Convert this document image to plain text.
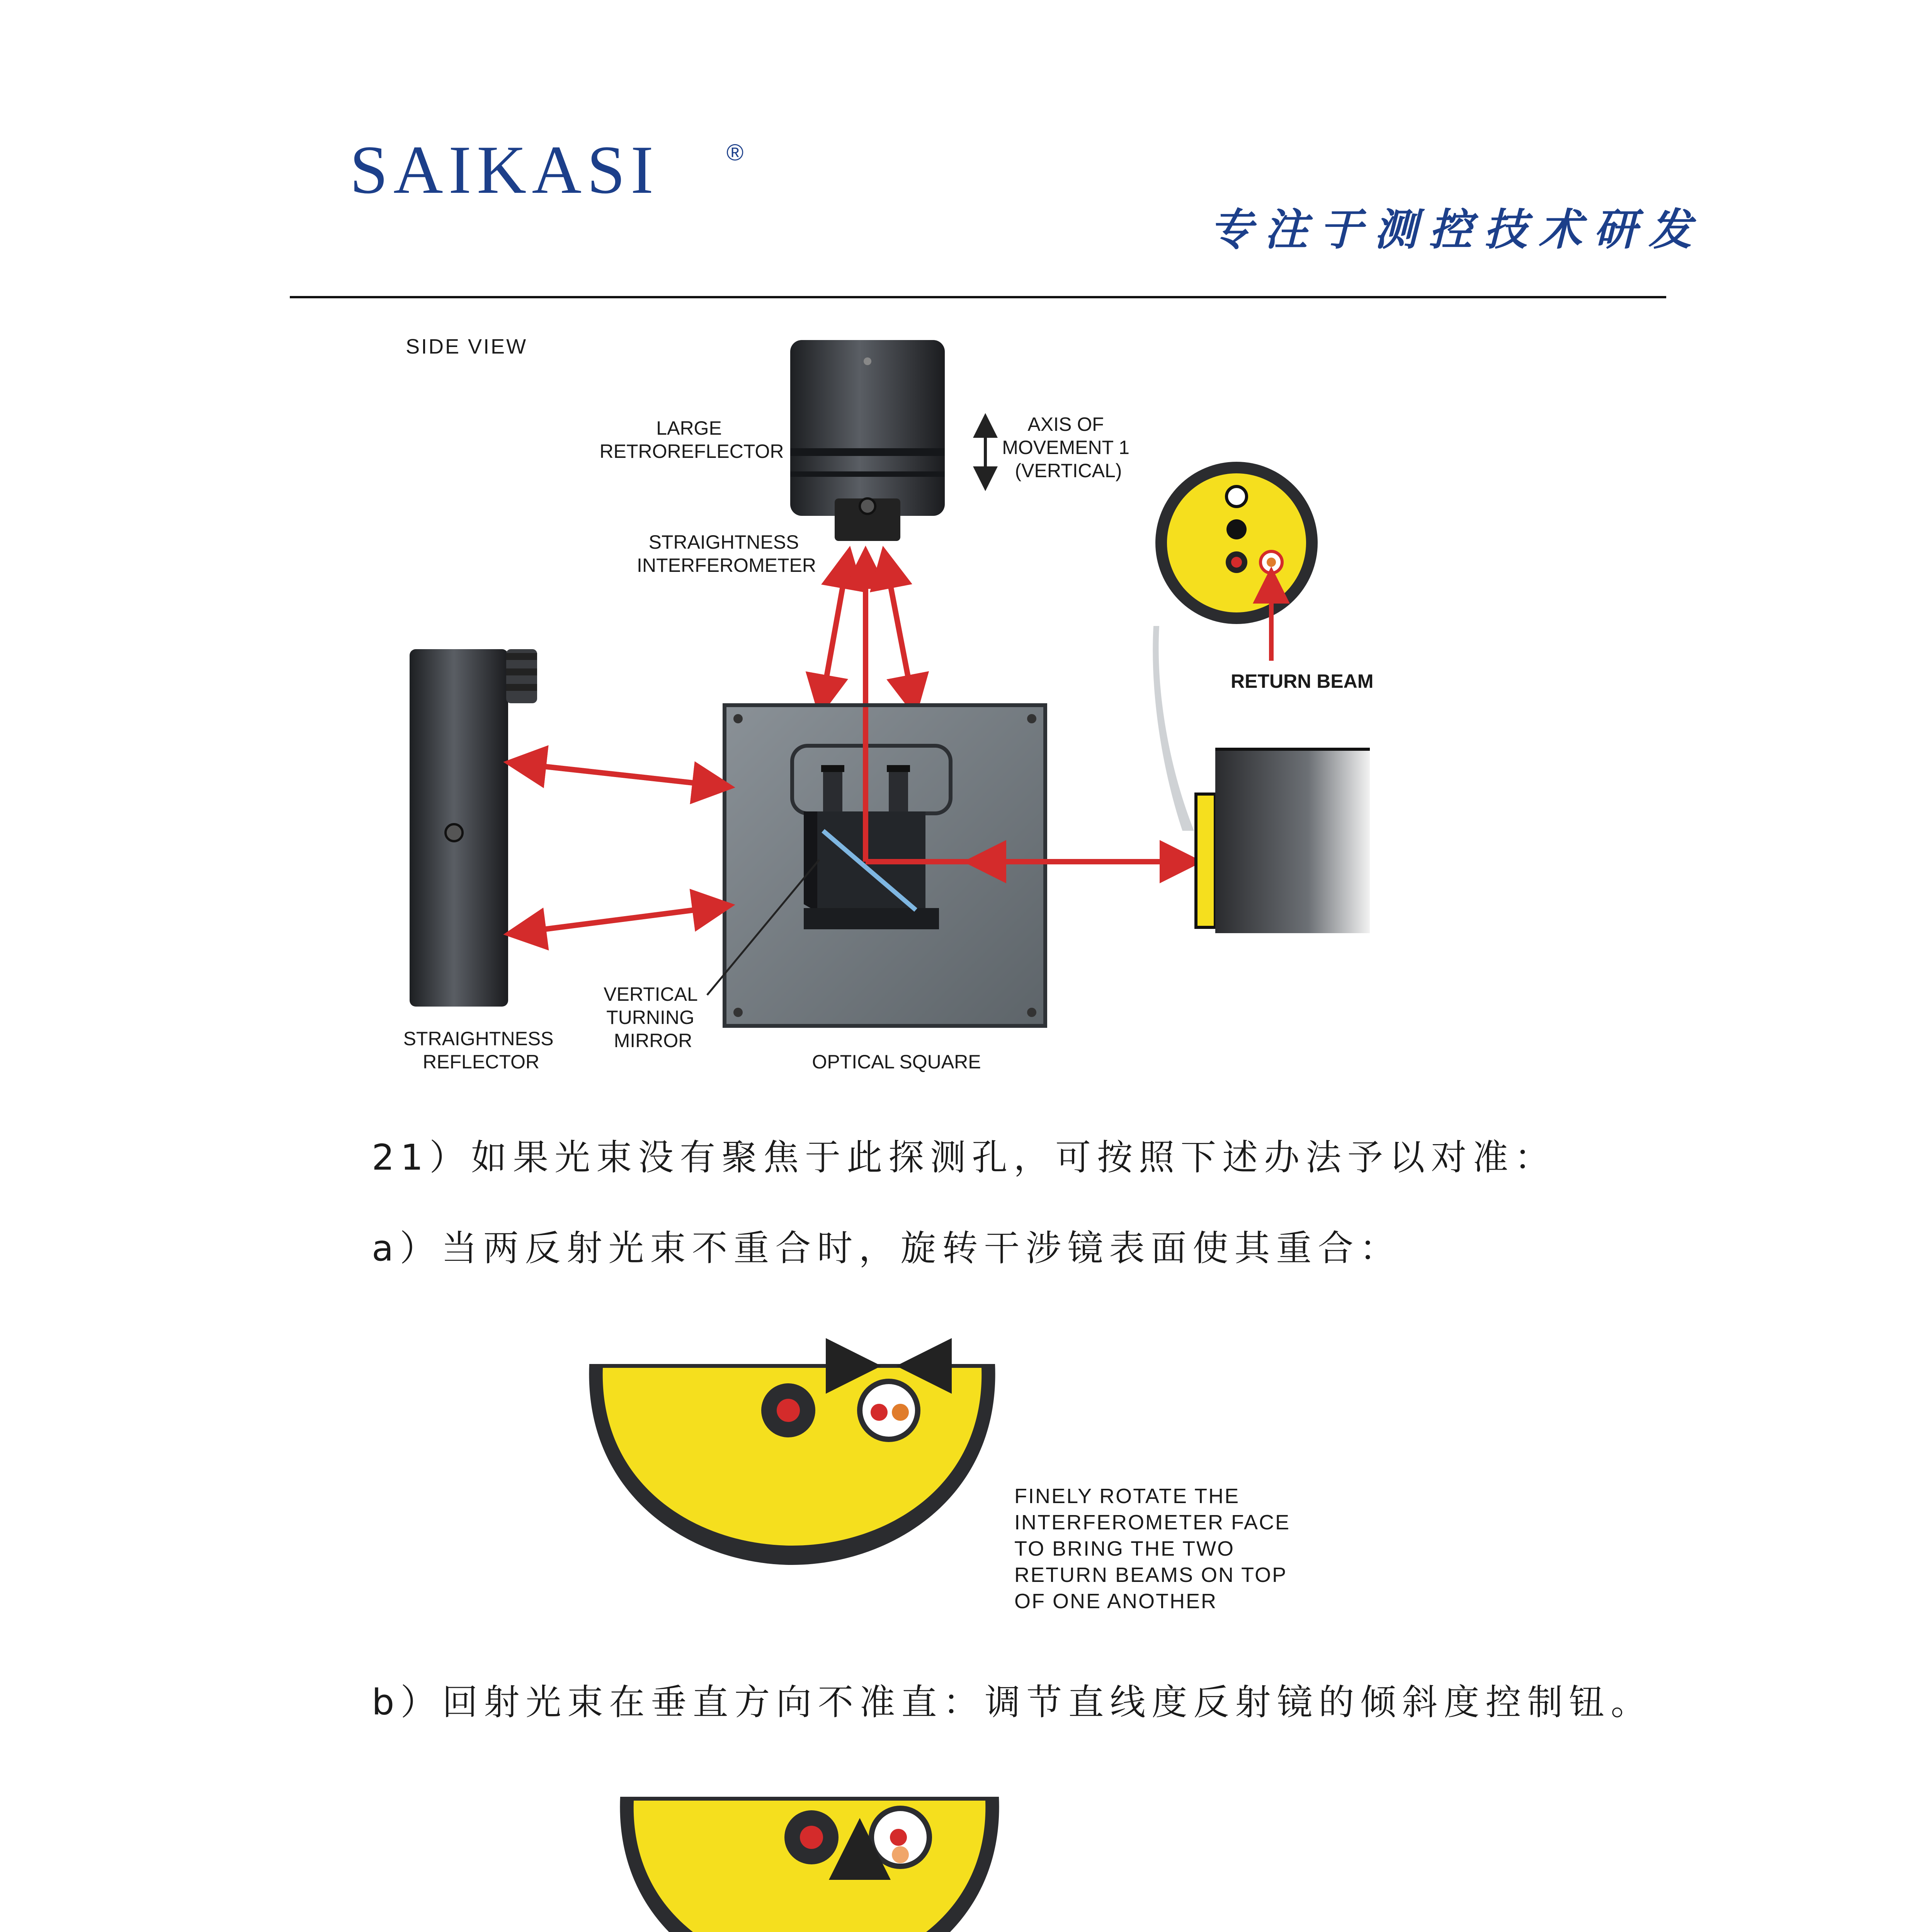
SAIKASI	®
专注于测控技术研发
SIDE VIEW
LARGE RETROREFLECTOR
AXIS OF MOVEMENT 1 (VERTICAL)
STRAIGHTNESS INTERFEROMETER
RETURN BEAM
VERTICAL TURNING MIRROR
STRAIGHTNESS REFLECTOR	OPTICAL SQUARE
FINELY ROTATE THE INTERFEROMETER FACE TO BRING THE TWO RETURN BEAMS ON TOP OF ONE ANOTHER
21）如果光束没有聚焦于此探测孔，可按照下述办法予以对准：
a）当两反射光束不重合时，旋转干涉镜表面使其重合：
b）回射光束在垂直方向不准直：调节直线度反射镜的倾斜度控制钮。
